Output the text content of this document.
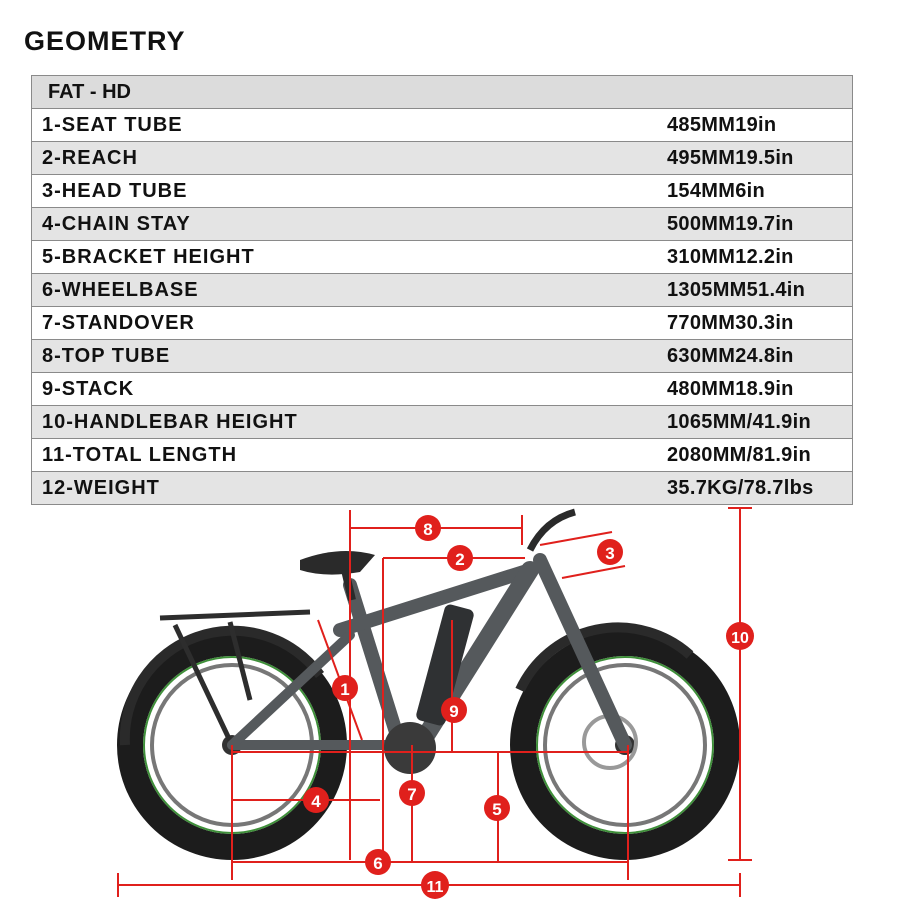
GEOMETRY
FAT - HD
1-SEAT TUBE	485MM19in
2-REACH	495MM19.5in
3-HEAD TUBE	154MM6in
4-CHAIN STAY	500MM19.7in
5-BRACKET HEIGHT	310MM12.2in
6-WHEELBASE	1305MM51.4in
7-STANDOVER	770MM30.3in
8-TOP TUBE	630MM24.8in
9-STACK	480MM18.9in
10-HANDLEBAR HEIGHT	1065MM/41.9in
11-TOTAL LENGTH	2080MM/81.9in
12-WEIGHT	35.7KG/78.7lbs
1
2	3
4	5
6
7
8
9
10
11
